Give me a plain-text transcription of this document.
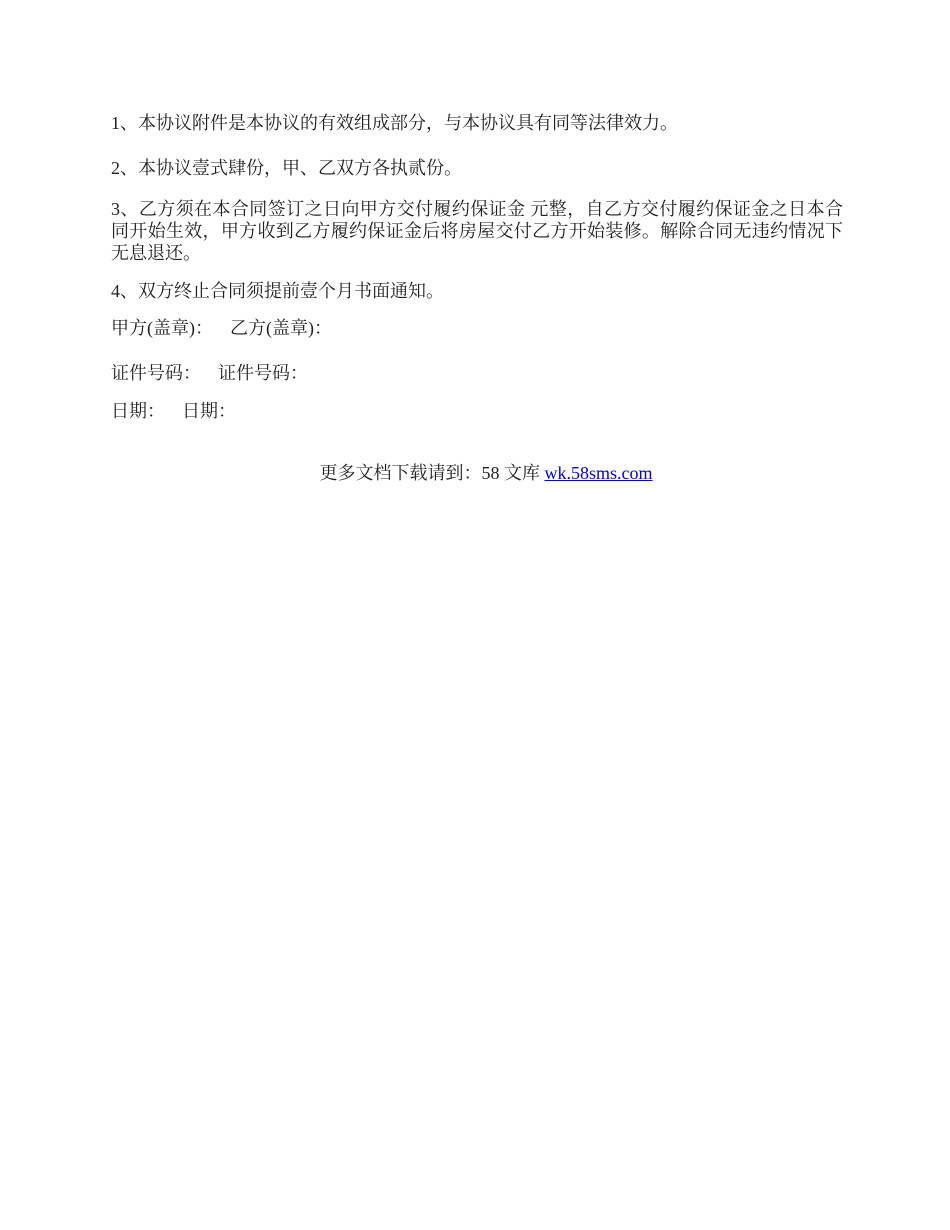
1、本协议附件是本协议的有效组成部分，与本协议具有同等法律效力。

2、本协议壹式肆份，甲、乙双方各执贰份。

3、乙方须在本合同签订之日向甲方交付履约保证金 元整，自乙方交付履约保证金之日本合同开始生效，甲方收到乙方履约保证金后将房屋交付乙方开始装修。解除合同无违约情况下无息退还。

4、双方终止合同须提前壹个月书面通知。

甲方(盖章)： 乙方(盖章)：

证件号码： 证件号码：

日期： 日期：

更多文档下载请到：58 文库 wk.58sms.com
